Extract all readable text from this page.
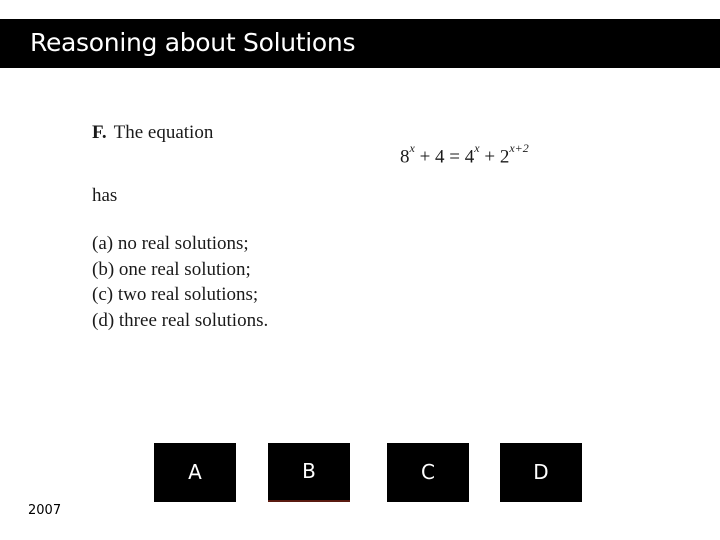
Reasoning about Solutions
F. The equation
$8^x + 4 = 4^x + 2^{x+2}$
has
(a) no real solutions;
(b) one real solution;
(c) two real solutions;
(d) three real solutions.
A	B	C	D
2007
